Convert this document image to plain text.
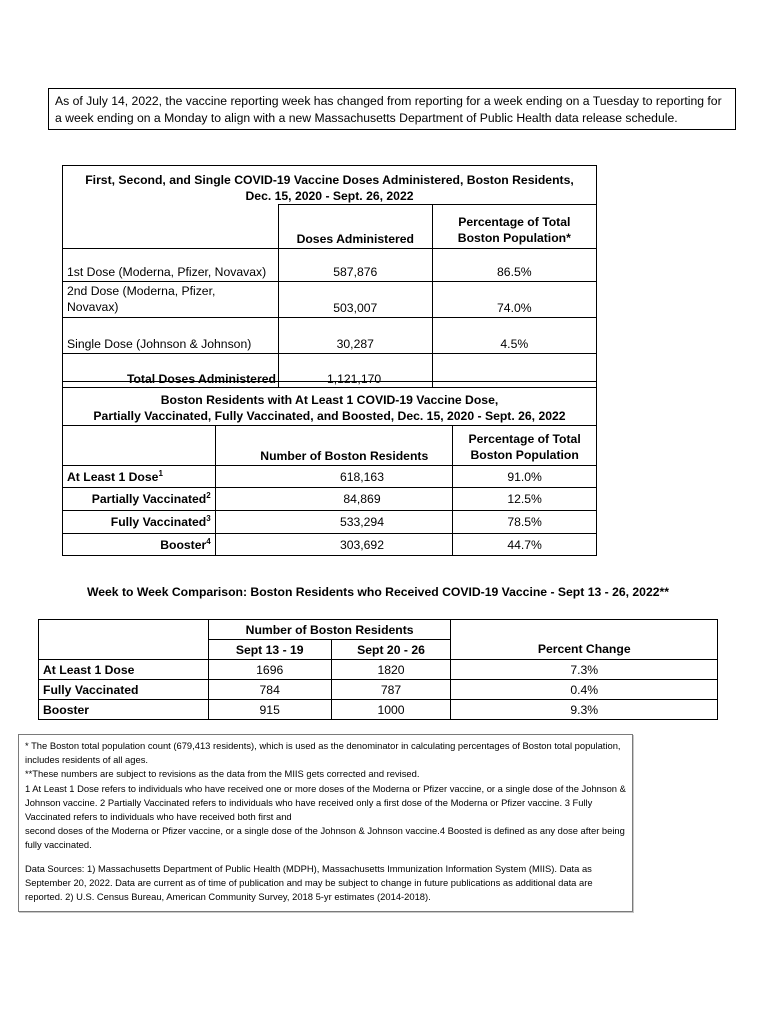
As of July 14, 2022, the vaccine reporting week has changed from reporting for a week ending on a Tuesday to reporting for a week ending on a Monday to align with a new Massachusetts Department of Public Health data release schedule.
First, Second, and Single COVID-19 Vaccine Doses Administered, Boston Residents,
Dec. 15, 2020 - Sept. 26, 2022		

	Doses Administered	Percentage of Total Boston Population*
1st Dose (Moderna, Pfizer, Novavax)	587,876	86.5%
2nd Dose (Moderna, Pfizer, Novavax)	503,007	74.0%
Single Dose (Johnson & Johnson)	30,287	4.5%
Total Doses Administered	1,121,170	
Boston Residents with At Least 1 COVID-19 Vaccine Dose,
Partially Vaccinated, Fully Vaccinated, and Boosted, Dec. 15, 2020 - Sept. 26, 2022		

	Number of Boston Residents	Percentage of Total Boston Population
At Least 1 Dose$^1$	618,163	91.0%
Partially Vaccinated$^2$	84,869	12.5%
Fully Vaccinated$^3$	533,294	78.5%
Booster$^4$	303,692	44.7%
Week to Week Comparison: Boston Residents who Received COVID-19 Vaccine - Sept 13 - 26, 2022**
	Number of Boston Residents		
	Sept 13 - 19	Sept 20 - 26	Percent Change
At Least 1 Dose	1696	1820	7.3%
Fully Vaccinated	784	787	0.4%
Booster	915	1000	9.3%

* The Boston total population count (679,413 residents), which is used as the denominator in calculating percentages of Boston total population, includes residents of all ages.

**These numbers are subject to revisions as the data from the MIIS gets corrected and revised.

1 At Least 1 Dose refers to individuals who have received one or more doses of the Moderna or Pfizer vaccine, or a single dose of the Johnson & Johnson vaccine. 2 Partially Vaccinated refers to individuals who have received only a first dose of the Moderna or Pfizer vaccine. 3 Fully Vaccinated refers to individuals who have received both first and

second doses of the Moderna or Pfizer vaccine, or a single dose of the Johnson & Johnson vaccine.4 Boosted is defined as any dose after being fully vaccinated.

Data Sources: 1) Massachusetts Department of Public Health (MDPH), Massachusetts Immunization Information System (MIIS). Data as September 20, 2022. Data are current as of time of publication and may be subject to change in future publications as additional data are reported. 2) U.S. Census Bureau, American Community Survey, 2018 5-yr estimates (2014-2018).
